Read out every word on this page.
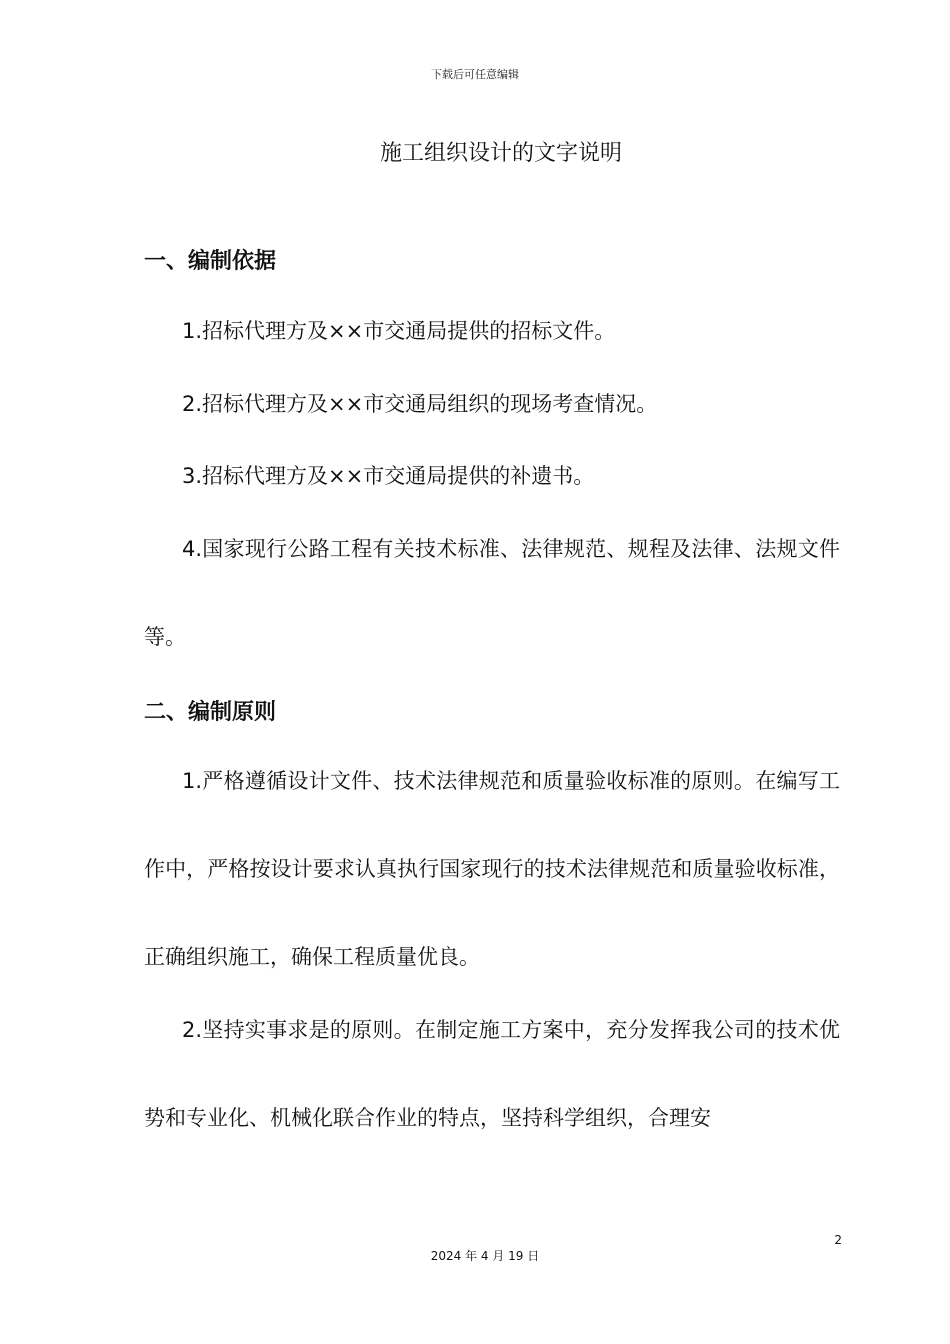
下载后可任意编辑
施工组织设计的文字说明
一、编制依据

1.招标代理方及××市交通局提供的招标文件。

2.招标代理方及××市交通局组织的现场考查情况。

3.招标代理方及××市交通局提供的补遗书。

4.国家现行公路工程有关技术标准、法律规范、规程及法律、法规文件等。

二、编制原则

1.严格遵循设计文件、技术法律规范和质量验收标准的原则。在编写工作中，严格按设计要求认真执行国家现行的技术法律规范和质量验收标准，正确组织施工，确保工程质量优良。

2.坚持实事求是的原则。在制定施工方案中，充分发挥我公司的技术优势和专业化、机械化联合作业的特点，坚持科学组织，合理安

2
2024 年 4 月 19 日
